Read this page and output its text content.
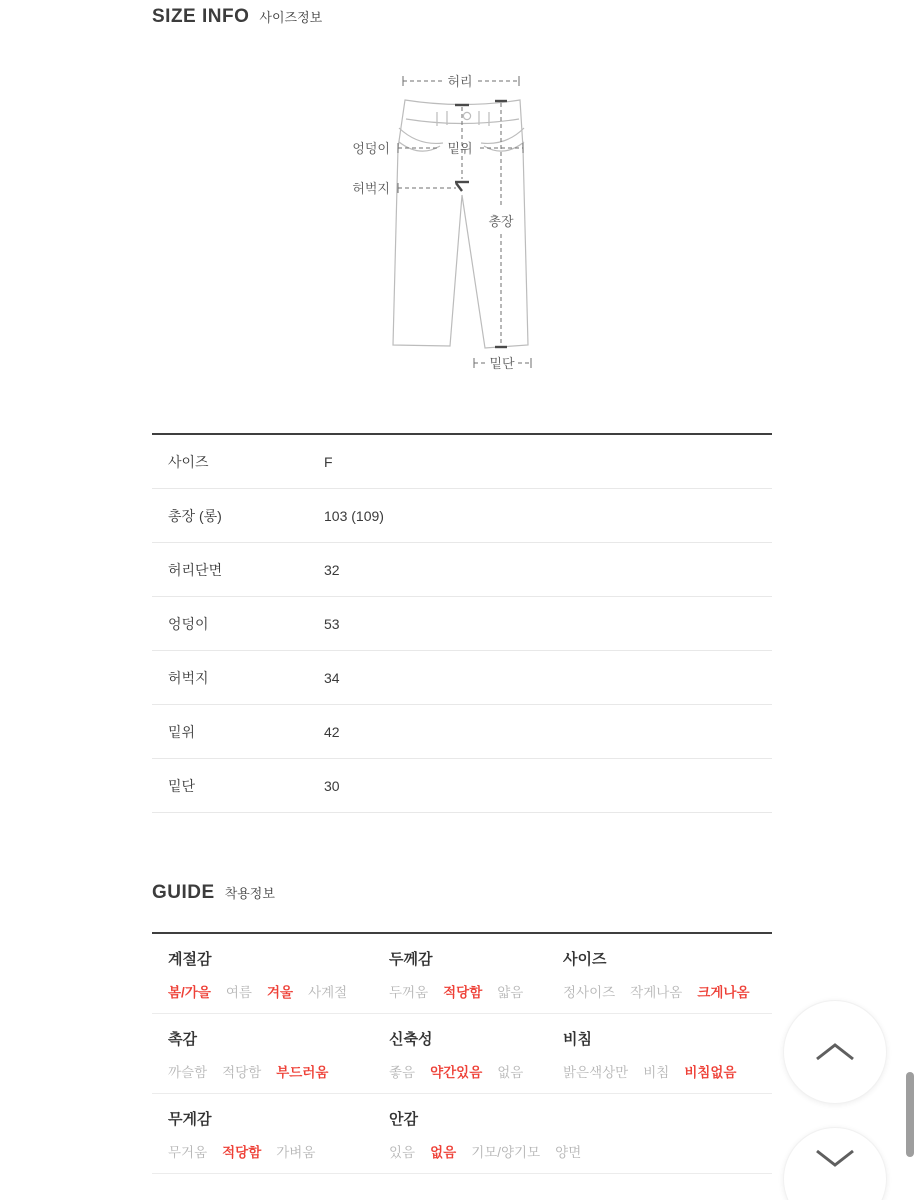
SIZE INFO 사이즈정보
허리
엉덩이	밑위
허벅지
총장
밑단
사이즈	F
총장 (롱)	103 (109)
허리단면	32
엉덩이	53
허벅지	34
밑위	42
밑단	30
GUIDE 착용정보
계절감
봄/가을 여름 겨울 사계절
두께감
두꺼움 적당함 얇음
사이즈
정사이즈 작게나옴 크게나옴
촉감
까슬함 적당함 부드러움
신축성
좋음 약간있음 없음
비침
밝은색상만 비침 비침없음
무게감
무거움 적당함 가벼움
안감
있음 없음 기모/양기모 양면
